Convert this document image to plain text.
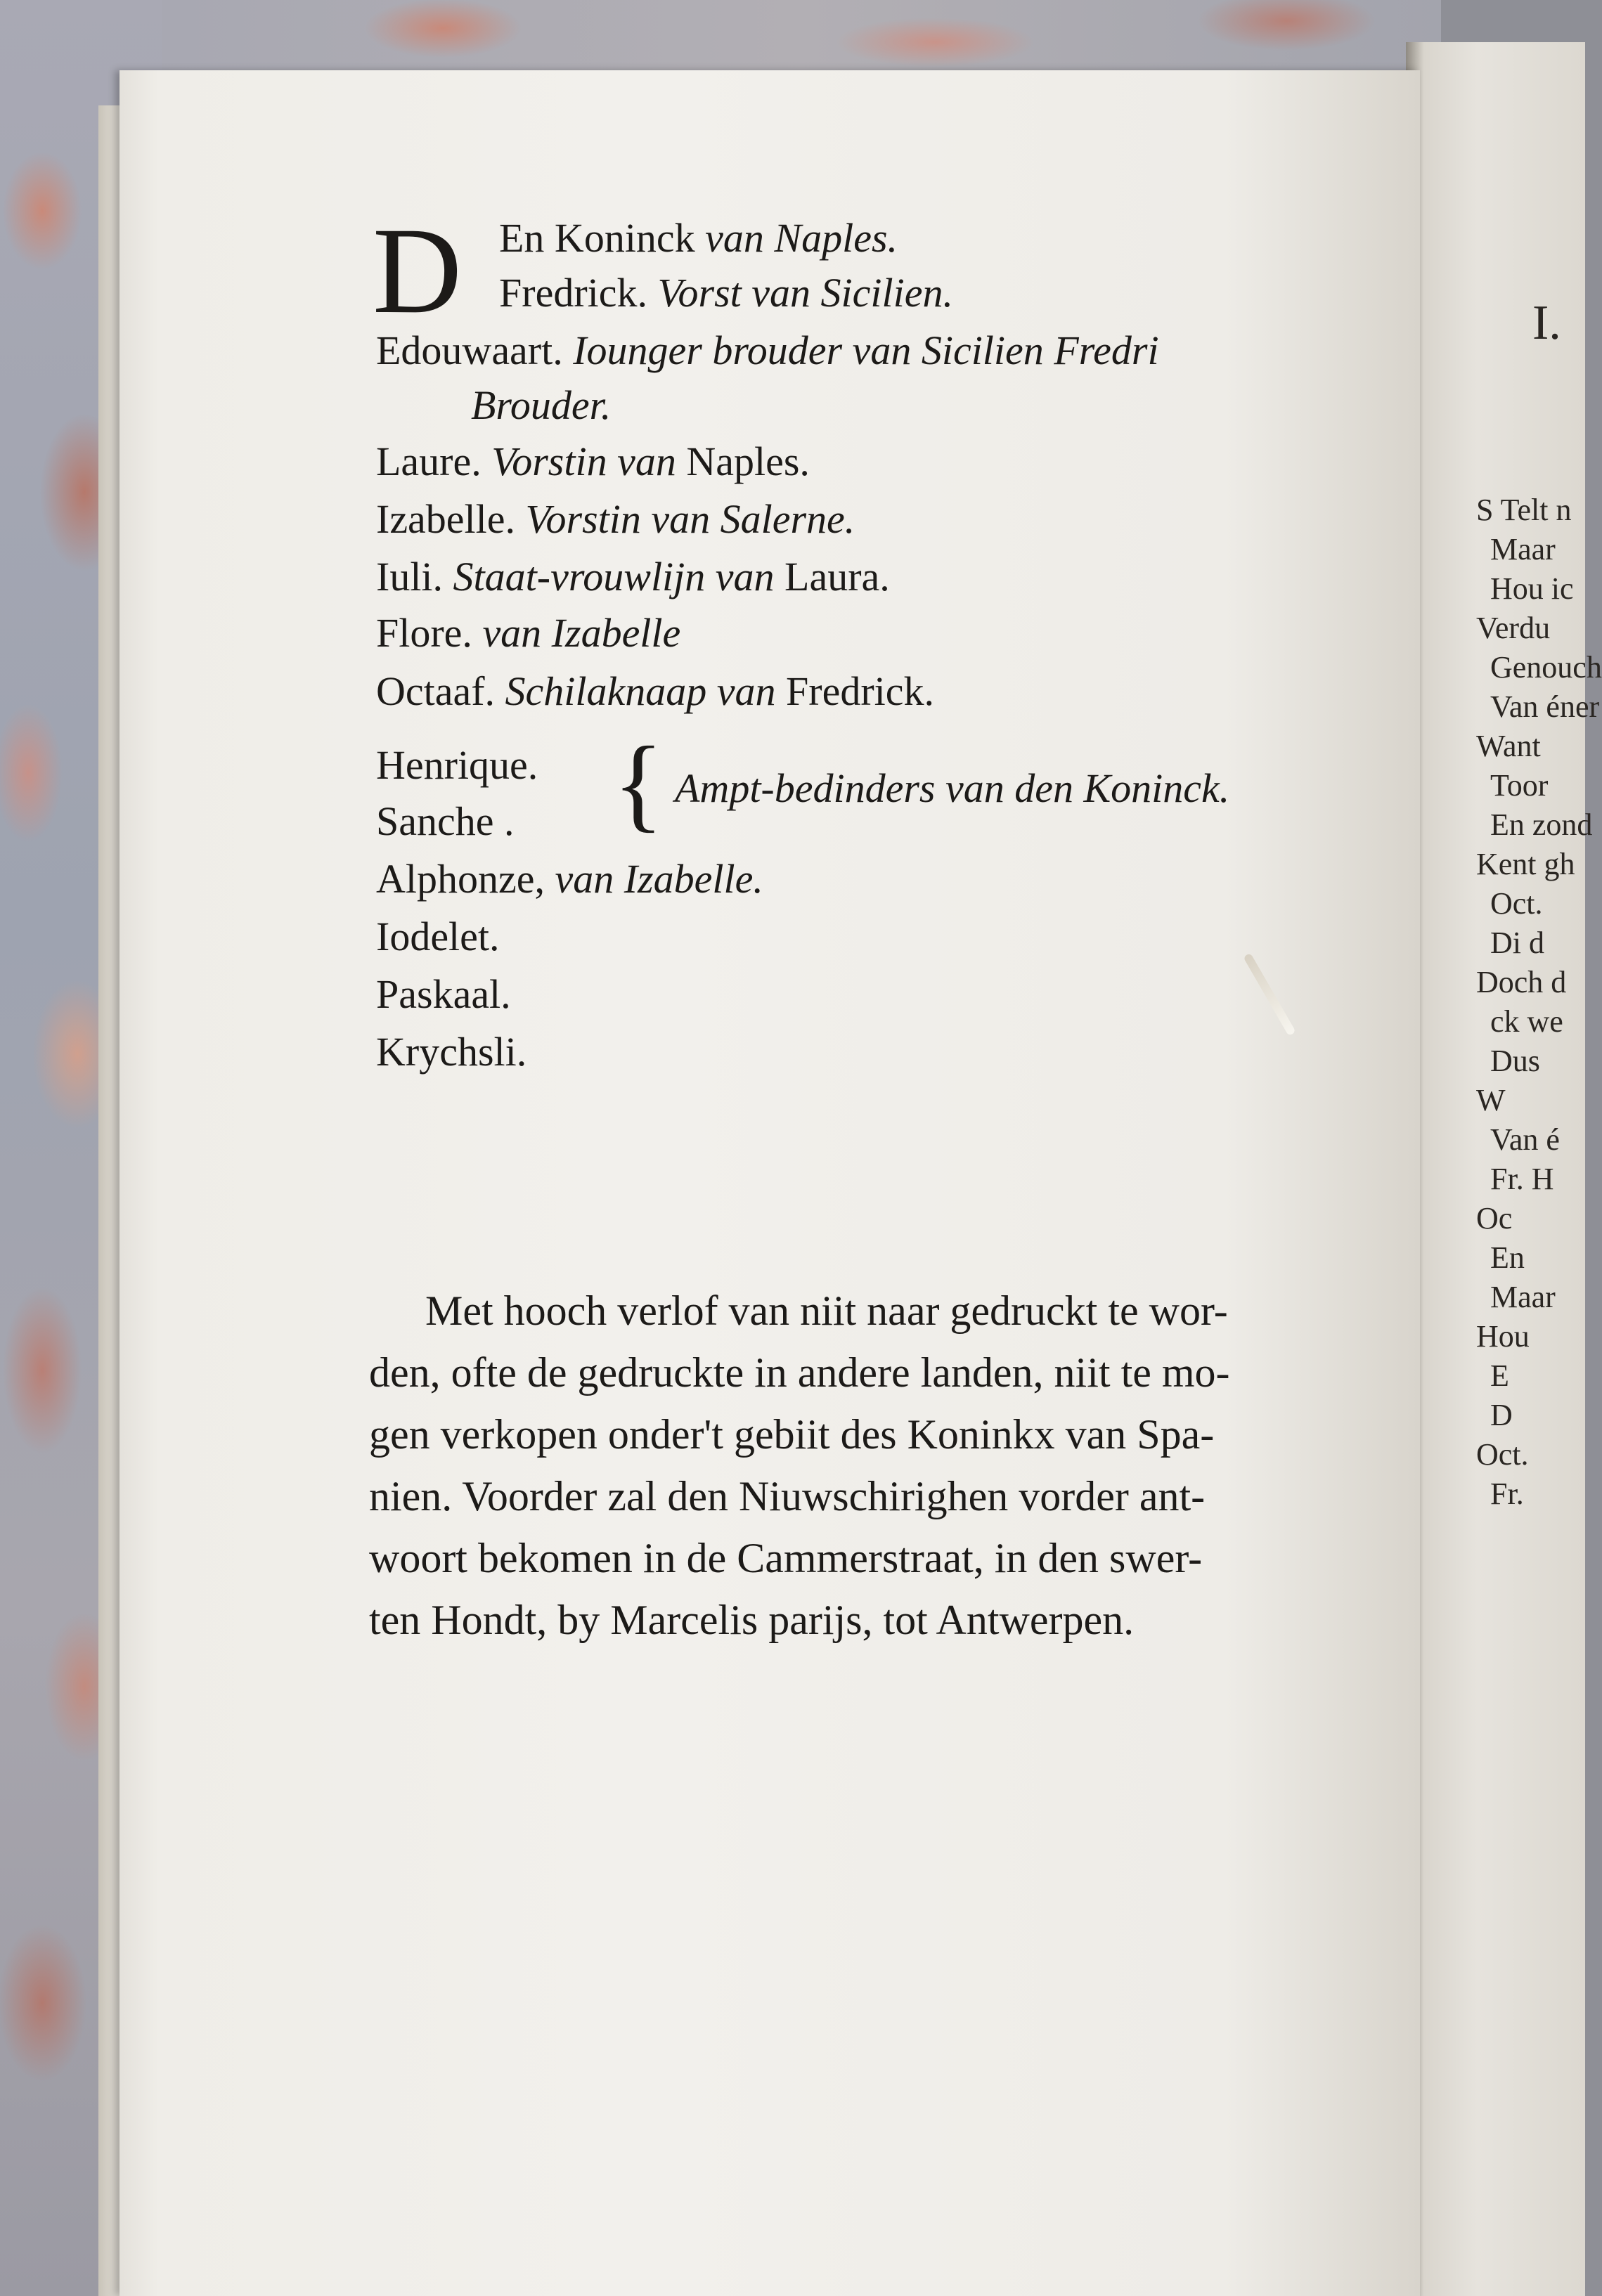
I.
S Telt n
Maar
Hou ic
Verdu
Genouch
Van éner
Want
Toor
En zond
Kent gh
Oct.
Di d
Doch d
ck we
Dus
W
Van é
Fr. H
Oc
En
Maar
Hou
E
D
Oct.
Fr.
D En Koninck van Naples.
Fredrick. Vorst van Sicilien.
Edouwaart. Iounger brouder van Sicilien Fredri
Brouder.
Laure. Vorstin van Naples.
Izabelle. Vorstin van Salerne.
Iuli. Staat-vrouwlijn van Laura.
Flore. van Izabelle
Octaaf. Schilaknaap van Fredrick.
Henrique.
Sanche .
Alphonze, van Izabelle.
Iodelet.
Paskaal.
Krychsli.
{ Ampt-bedinders van den Koninck.
Met hooch verlof van niit naar gedruckt te wor-
den, ofte de gedruckte in andere landen, niit te mo-
gen verkopen onder't gebiit des Koninkx van Spa-
nien. Voorder zal den Niuwschirighen vorder ant-
woort bekomen in de Cammerstraat, in den swer-
ten Hondt, by Marcelis parijs, tot Antwerpen.
